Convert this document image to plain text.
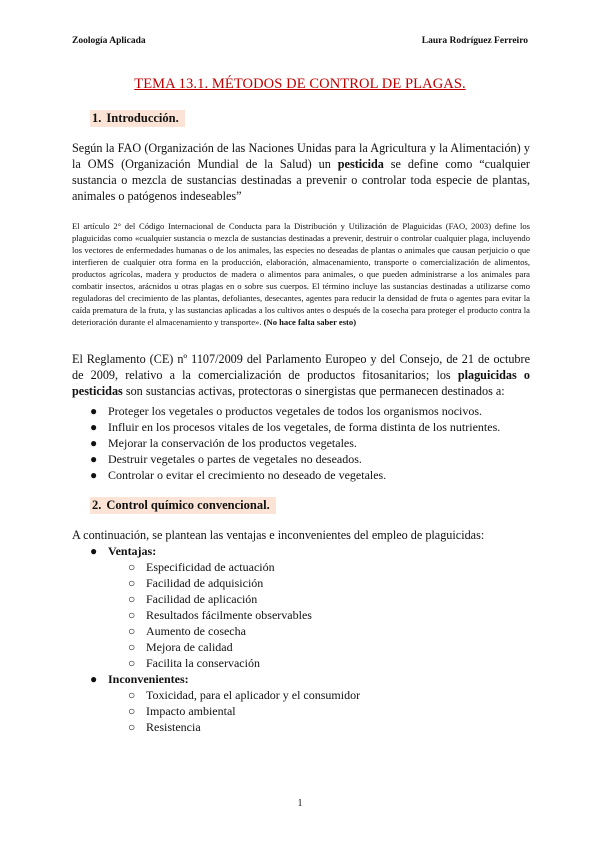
Zoología Aplicada	Laura Rodríguez Ferreiro
TEMA 13.1. MÉTODOS DE CONTROL DE PLAGAS.
1. Introducción.
Según la FAO (Organización de las Naciones Unidas para la Agricultura y la Alimentación) y la OMS (Organización Mundial de la Salud) un pesticida se define como “cualquier sustancia o mezcla de sustancias destinadas a prevenir o controlar toda especie de plantas, animales o patógenos indeseables”
El artículo 2° del Código Internacional de Conducta para la Distribución y Utilización de Plaguicidas (FAO, 2003) define los plaguicidas como «cualquier sustancia o mezcla de sustancias destinadas a prevenir, destruir o controlar cualquier plaga, incluyendo los vectores de enfermedades humanas o de los animales, las especies no deseadas de plantas o animales que causan perjuicio o que interfieren de cualquier otra forma en la producción, elaboración, almacenamiento, transporte o comercialización de alimentos, productos agrícolas, madera y productos de madera o alimentos para animales, o que pueden administrarse a los animales para combatir insectos, arácnidos u otras plagas en o sobre sus cuerpos. El término incluye las sustancias destinadas a utilizarse como reguladoras del crecimiento de las plantas, defoliantes, desecantes, agentes para reducir la densidad de fruta o agentes para evitar la caída prematura de la fruta, y las sustancias aplicadas a los cultivos antes o después de la cosecha para proteger el producto contra la deterioración durante el almacenamiento y transporte». (No hace falta saber esto)
El Reglamento (CE) nº 1107/2009 del Parlamento Europeo y del Consejo, de 21 de octubre de 2009, relativo a la comercialización de productos fitosanitarios; los plaguicidas o pesticidas son sustancias activas, protectoras o sinergistas que permanecen destinados a:
● Proteger los vegetales o productos vegetales de todos los organismos nocivos.
● Influir en los procesos vitales de los vegetales, de forma distinta de los nutrientes.
● Mejorar la conservación de los productos vegetales.
● Destruir vegetales o partes de vegetales no deseados.
● Controlar o evitar el crecimiento no deseado de vegetales.
2. Control químico convencional.
A continuación, se plantean las ventajas e inconvenientes del empleo de plaguicidas:
● Ventajas:
○ Especificidad de actuación
○ Facilidad de adquisición
○ Facilidad de aplicación
○ Resultados fácilmente observables
○ Aumento de cosecha
○ Mejora de calidad
○ Facilita la conservación
● Inconvenientes:
○ Toxicidad, para el aplicador y el consumidor
○ Impacto ambiental
○ Resistencia
1
